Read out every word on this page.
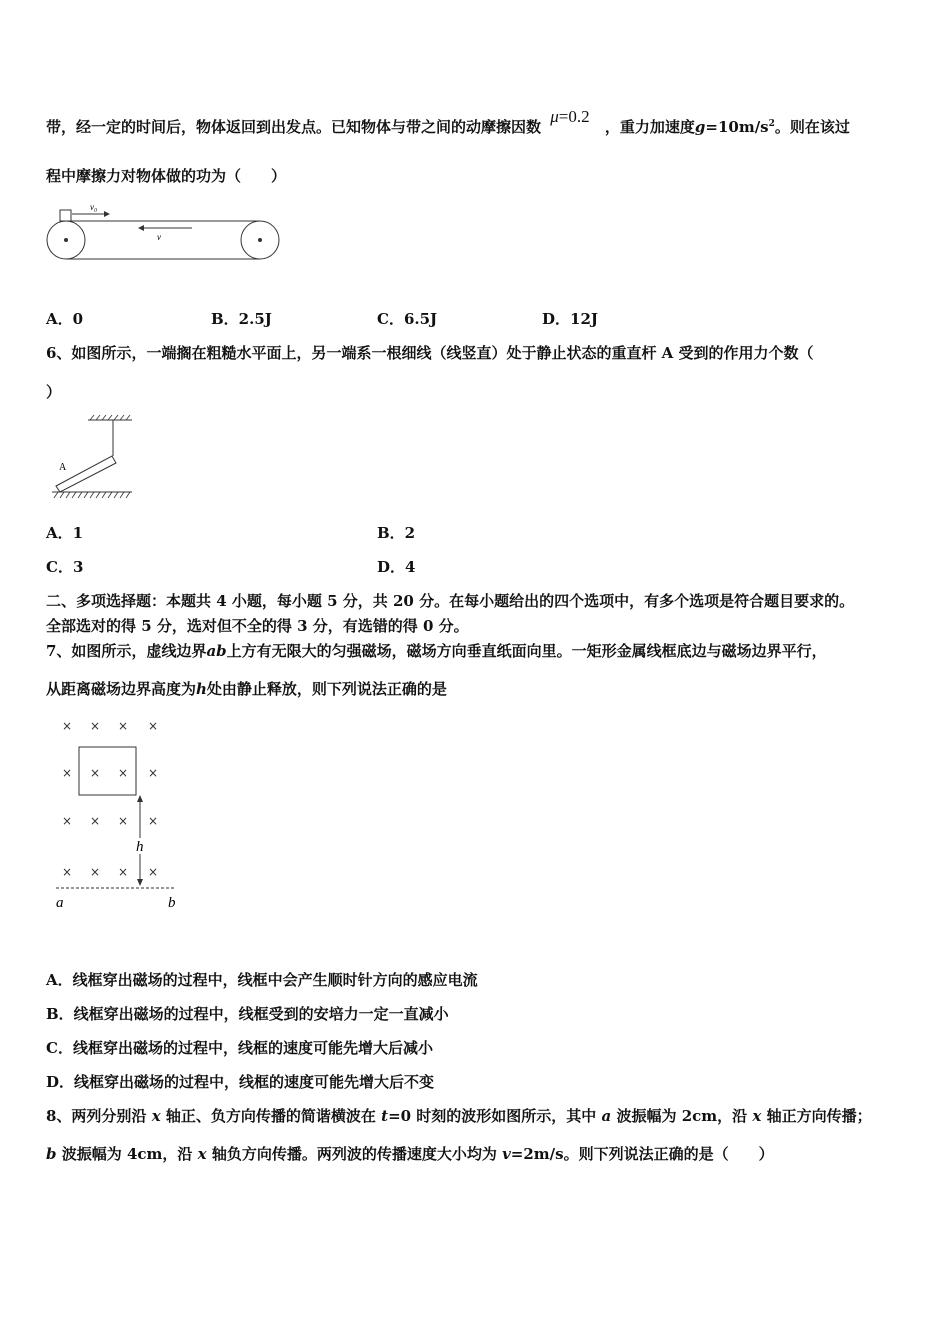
带，经一定的时间后，物体返回到出发点。已知物体与带之间的动摩擦因数 μ=0.2 ，重力加速度$g=10m/s^2$。则在该过
程中摩擦力对物体做的功为（　　）
v₀
v
A．0	B．2.5J	C．6.5J	D．12J
6、如图所示，一端搁在粗糙水平面上，另一端系一根细线（线竖直）处于静止状态的重直杆 A 受到的作用力个数（
）
A
A．1	B．2
C．3	D．4
二、多项选择题：本题共 4 小题，每小题 5 分，共 20 分。在每小题给出的四个选项中，有多个选项是符合题目要求的。
全部选对的得 5 分，选对但不全的得 3 分，有选错的得 0 分。
7、如图所示，虚线边界ab上方有无限大的匀强磁场，磁场方向垂直纸面向里。一矩形金属线框底边与磁场边界平行，
从距离磁场边界高度为h处由静止释放，则下列说法正确的是
× × × ×
× × × ×
× × × ×
× × × ×
h
a	b
A．线框穿出磁场的过程中，线框中会产生顺时针方向的感应电流
B．线框穿出磁场的过程中，线框受到的安培力一定一直减小
C．线框穿出磁场的过程中，线框的速度可能先增大后减小
D．线框穿出磁场的过程中，线框的速度可能先增大后不变
8、两列分别沿 x 轴正、负方向传播的简谐横波在 t=0 时刻的波形如图所示，其中 a 波振幅为 2cm，沿 x 轴正方向传播；
b 波振幅为 4cm，沿 x 轴负方向传播。两列波的传播速度大小均为 v=2m/s。则下列说法正确的是（　　）
